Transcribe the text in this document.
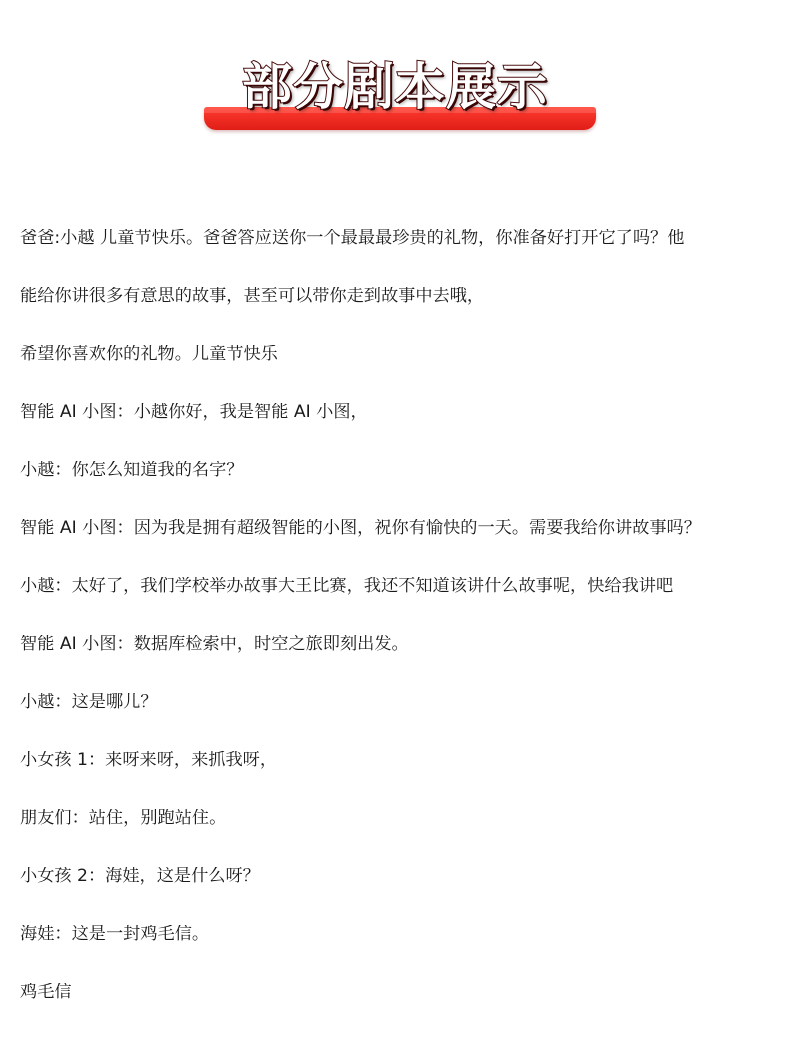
部分剧本展示
爸爸:小越 儿童节快乐。爸爸答应送你一个最最最珍贵的礼物，你准备好打开它了吗？他
能给你讲很多有意思的故事，甚至可以带你走到故事中去哦，
希望你喜欢你的礼物。儿童节快乐
智能 AI 小图：小越你好，我是智能 AI 小图，
小越：你怎么知道我的名字？
智能 AI 小图：因为我是拥有超级智能的小图，祝你有愉快的一天。需要我给你讲故事吗？
小越：太好了，我们学校举办故事大王比赛，我还不知道该讲什么故事呢，快给我讲吧
智能 AI 小图：数据库检索中，时空之旅即刻出发。
小越：这是哪儿？
小女孩 1：来呀来呀，来抓我呀，
朋友们：站住，别跑站住。
小女孩 2：海娃，这是什么呀？
海娃：这是一封鸡毛信。
鸡毛信
